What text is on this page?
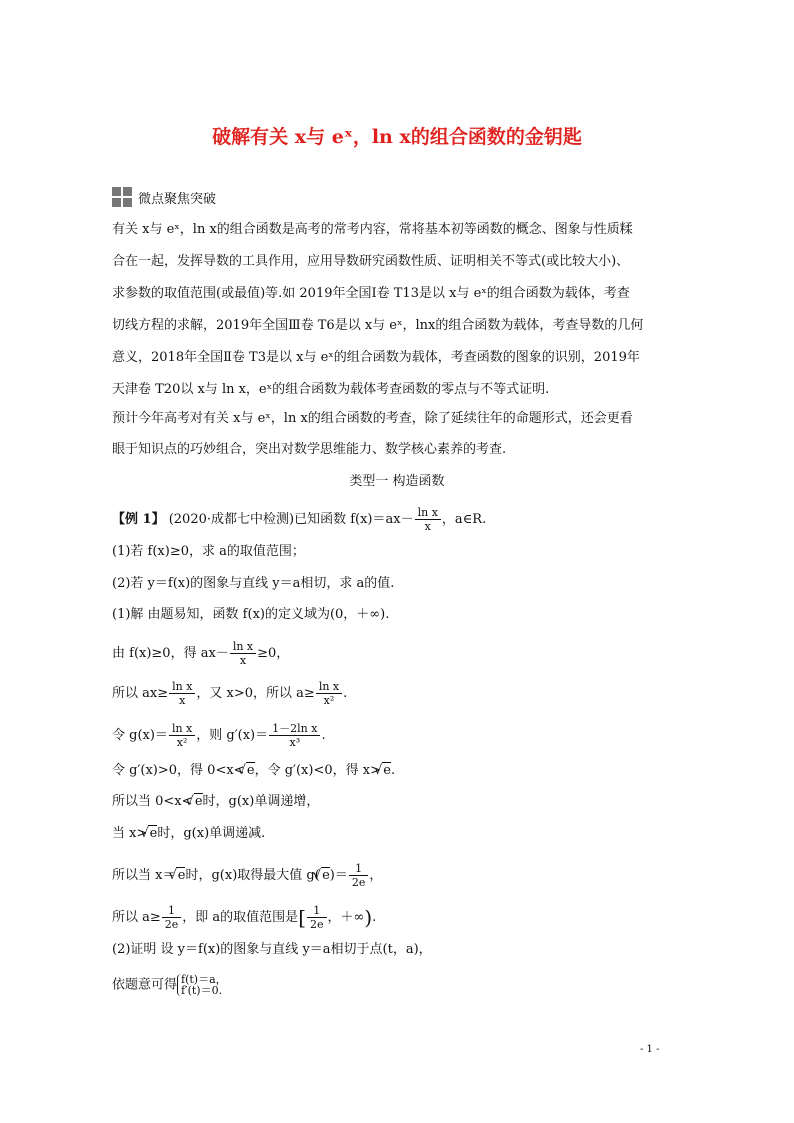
破解有关 x与 eˣ，ln x的组合函数的金钥匙
微点聚焦突破
有关 x与 eˣ，ln x的组合函数是高考的常考内容，常将基本初等函数的概念、图象与性质糅
合在一起，发挥导数的工具作用，应用导数研究函数性质、证明相关不等式(或比较大小)、
求参数的取值范围(或最值)等.如 2019年全国Ⅰ卷 T13是以 x与 eˣ的组合函数为载体，考查
切线方程的求解，2019年全国Ⅲ卷 T6是以 x与 eˣ，lnx的组合函数为载体，考查导数的几何
意义，2018年全国Ⅱ卷 T3是以 x与 eˣ的组合函数为载体，考查函数的图象的识别，2019年
天津卷 T20以 x与 ln x，eˣ的组合函数为载体考查函数的零点与不等式证明.
预计今年高考对有关 x与 eˣ，ln x的组合函数的考查，除了延续往年的命题形式，还会更看
眼于知识点的巧妙组合，突出对数学思维能力、数学核心素养的考查.
类型一 构造函数
【例 1】 (2020·成都七中检测)已知函数 $f(x)=ax- \frac{\text{ln x}}{x}$ ，a∈R.
(1)若 f(x)≥0，求 a的取值范围；
(2)若 y＝f(x)的图象与直线 y＝a相切，求 a的值.
(1)解 由题易知，函数 f(x)的定义域为(0，＋∞).
由 f(x)≥0，得 $ax- \frac{\text{ln x}}{x} \ge 0$，
所以 $ax\ge \frac{\text{ln x}}{x}$ ，又 x>0，所以 $a\ge \frac{\text{ln x}}{\text{x²}}$ .
令 $g(x)= \frac{\text{ln x}}{\text{x²}}$ ，则 $g'(x)= \frac{\text{1－2ln x}}{\text{x³}}$ .
令 g′(x)>0，得 0<x< √ e，令 g′(x)<0，得 x> √ e.
所以当 0<x< √ e时，g(x)单调递增，
当 x> √ e时，g(x)单调递减.
所以当 x＝ √ e时，g(x)取得最大值 g( √ $e)= \frac{1}{2e}$ ，
所以 $a\ge \frac{1}{2e}$ ，即 a的取值范围是[ $\frac{1}{2e}$ ，＋∞).
(2)证明 设 y＝f(x)的图象与直线 y＝a相切于点(t，a)，
依题意可得 f(t)＝a，
f′(t)＝0.
- 1 -
